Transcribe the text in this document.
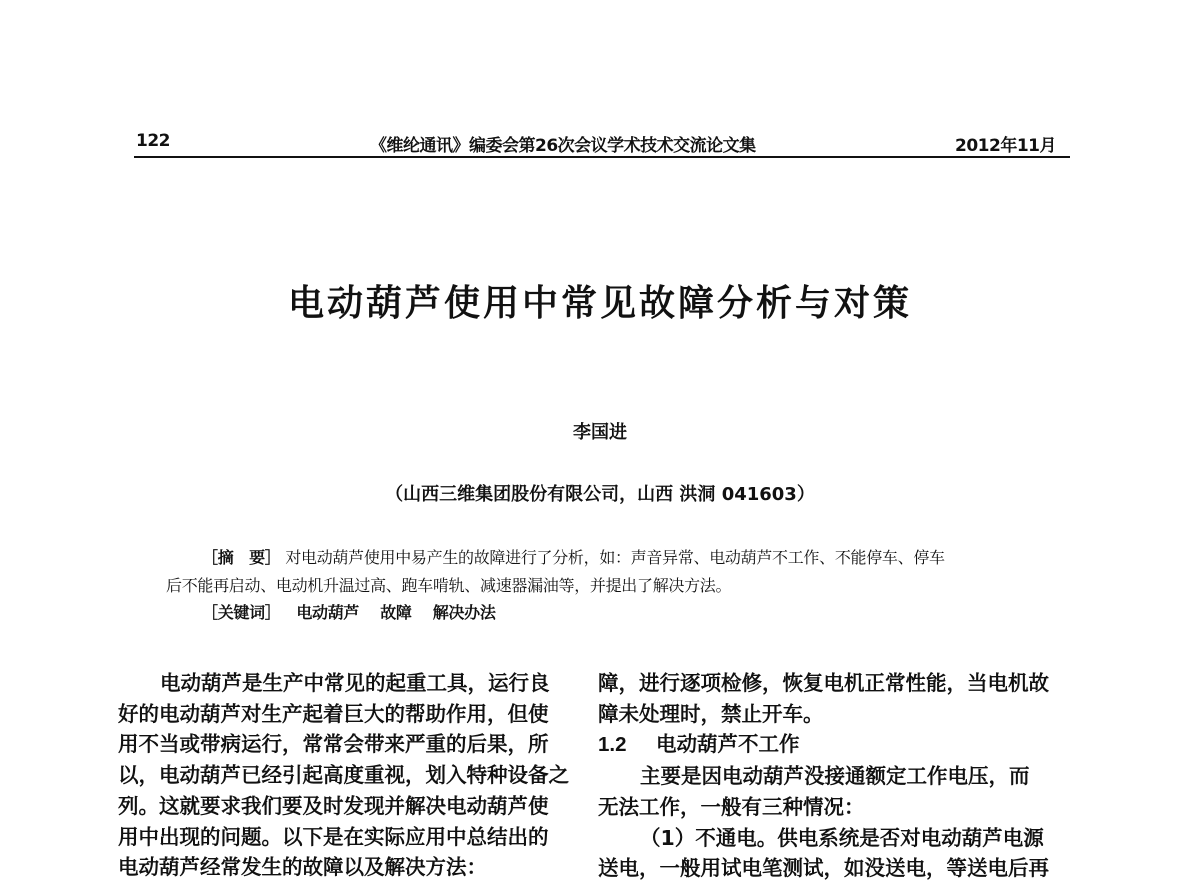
122	《维纶通讯》编委会第26次会议学术技术交流论文集	2012年11月
电动葫芦使用中常见故障分析与对策
李国进
（山西三维集团股份有限公司，山西 洪洞 041603）
［摘　要］ 对电动葫芦使用中易产生的故障进行了分析，如：声音异常、电动葫芦不工作、不能停车、停车
后不能再启动、电动机升温过高、跑车啃轨、减速器漏油等，并提出了解决方法。
［关键词］ 电动葫芦 故障 解决办法
电动葫芦是生产中常见的起重工具，运行良
好的电动葫芦对生产起着巨大的帮助作用，但使
用不当或带病运行，常常会带来严重的后果，所
以，电动葫芦已经引起高度重视，划入特种设备之
列。这就要求我们要及时发现并解决电动葫芦使
用中出现的问题。以下是在实际应用中总结出的
电动葫芦经常发生的故障以及解决方法：
障，进行逐项检修，恢复电机正常性能，当电机故
障未处理时，禁止开车。
1.2 电动葫芦不工作
主要是因电动葫芦没接通额定工作电压，而
无法工作，一般有三种情况：
（1）不通电。供电系统是否对电动葫芦电源
送电，一般用试电笔测试，如没送电，等送电后再
